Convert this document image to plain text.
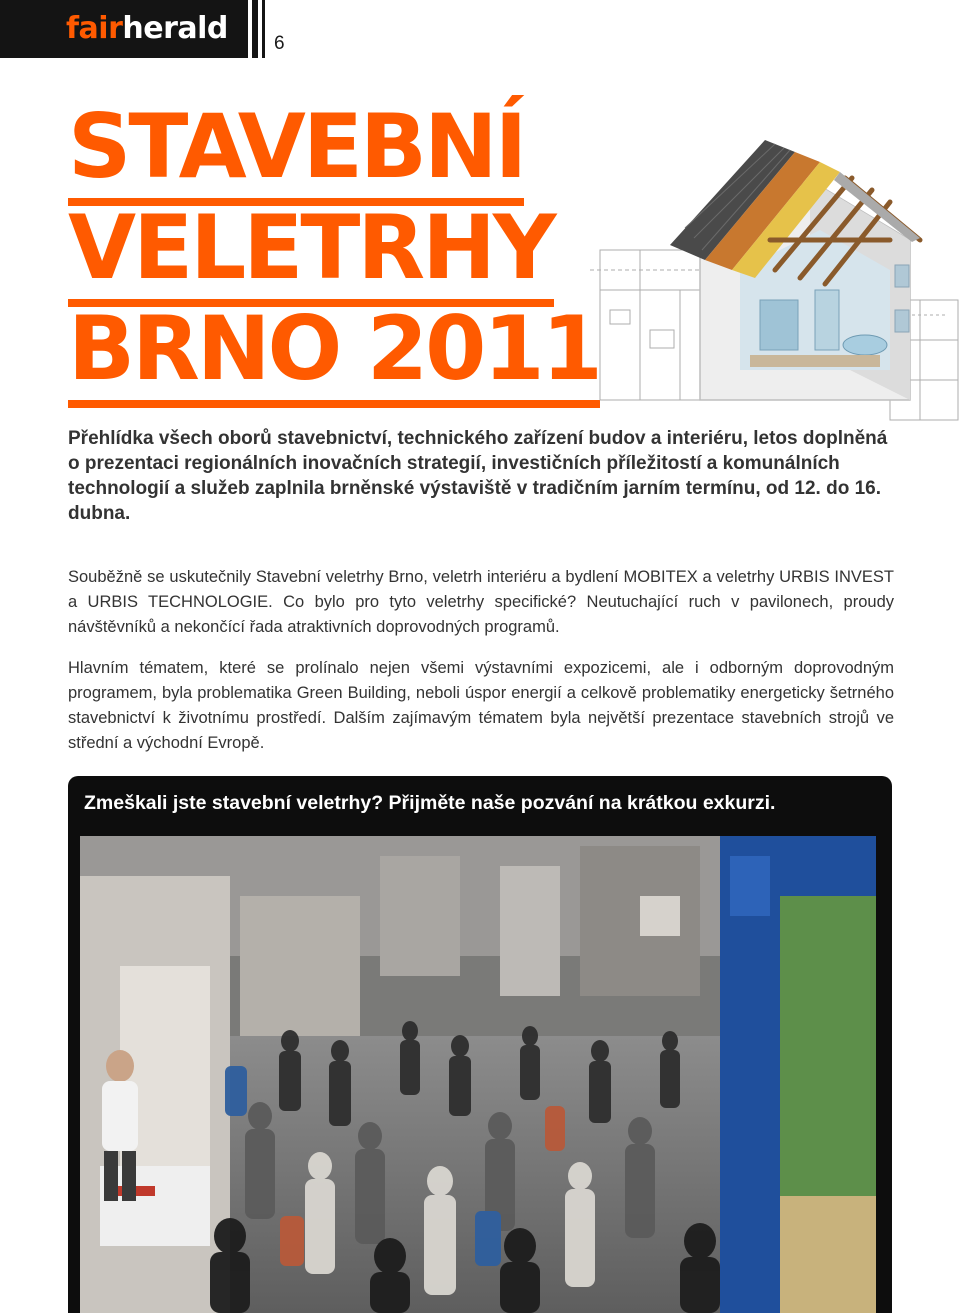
fairherald 6
STAVEBNÍ
VELETRHY
BRNO 2011

Přehlídka všech oborů stavebnictví, technického zařízení budov a interiéru, letos doplněná o prezentaci regionálních inovačních strategií, investičních příležitostí a komunálních technologií a služeb zaplnila brněnské výstaviště v tradičním jarním termínu, od 12. do 16. dubna.

Souběžně se uskutečnily Stavební veletrhy Brno, veletrh interiéru a bydlení MOBITEX a veletrhy URBIS INVEST a URBIS TECHNOLOGIE. Co bylo pro tyto veletrhy specifické? Neutuchající ruch v pavilonech, proudy návštěvníků a nekončící řada atraktivních doprovodných programů.

Hlavním tématem, které se prolínalo nejen všemi výstavními expozicemi, ale i odborným doprovodným programem, byla problematika Green Building, neboli úspor energií a celkově problematiky energeticky šetrného stavebnictví k životnímu prostředí. Dalším zajímavým tématem byla největší prezentace stavebních strojů ve střední a východní Evropě.

Zmeškali jste stavební veletrhy? Přijměte naše pozvání na krátkou exkurzi.
